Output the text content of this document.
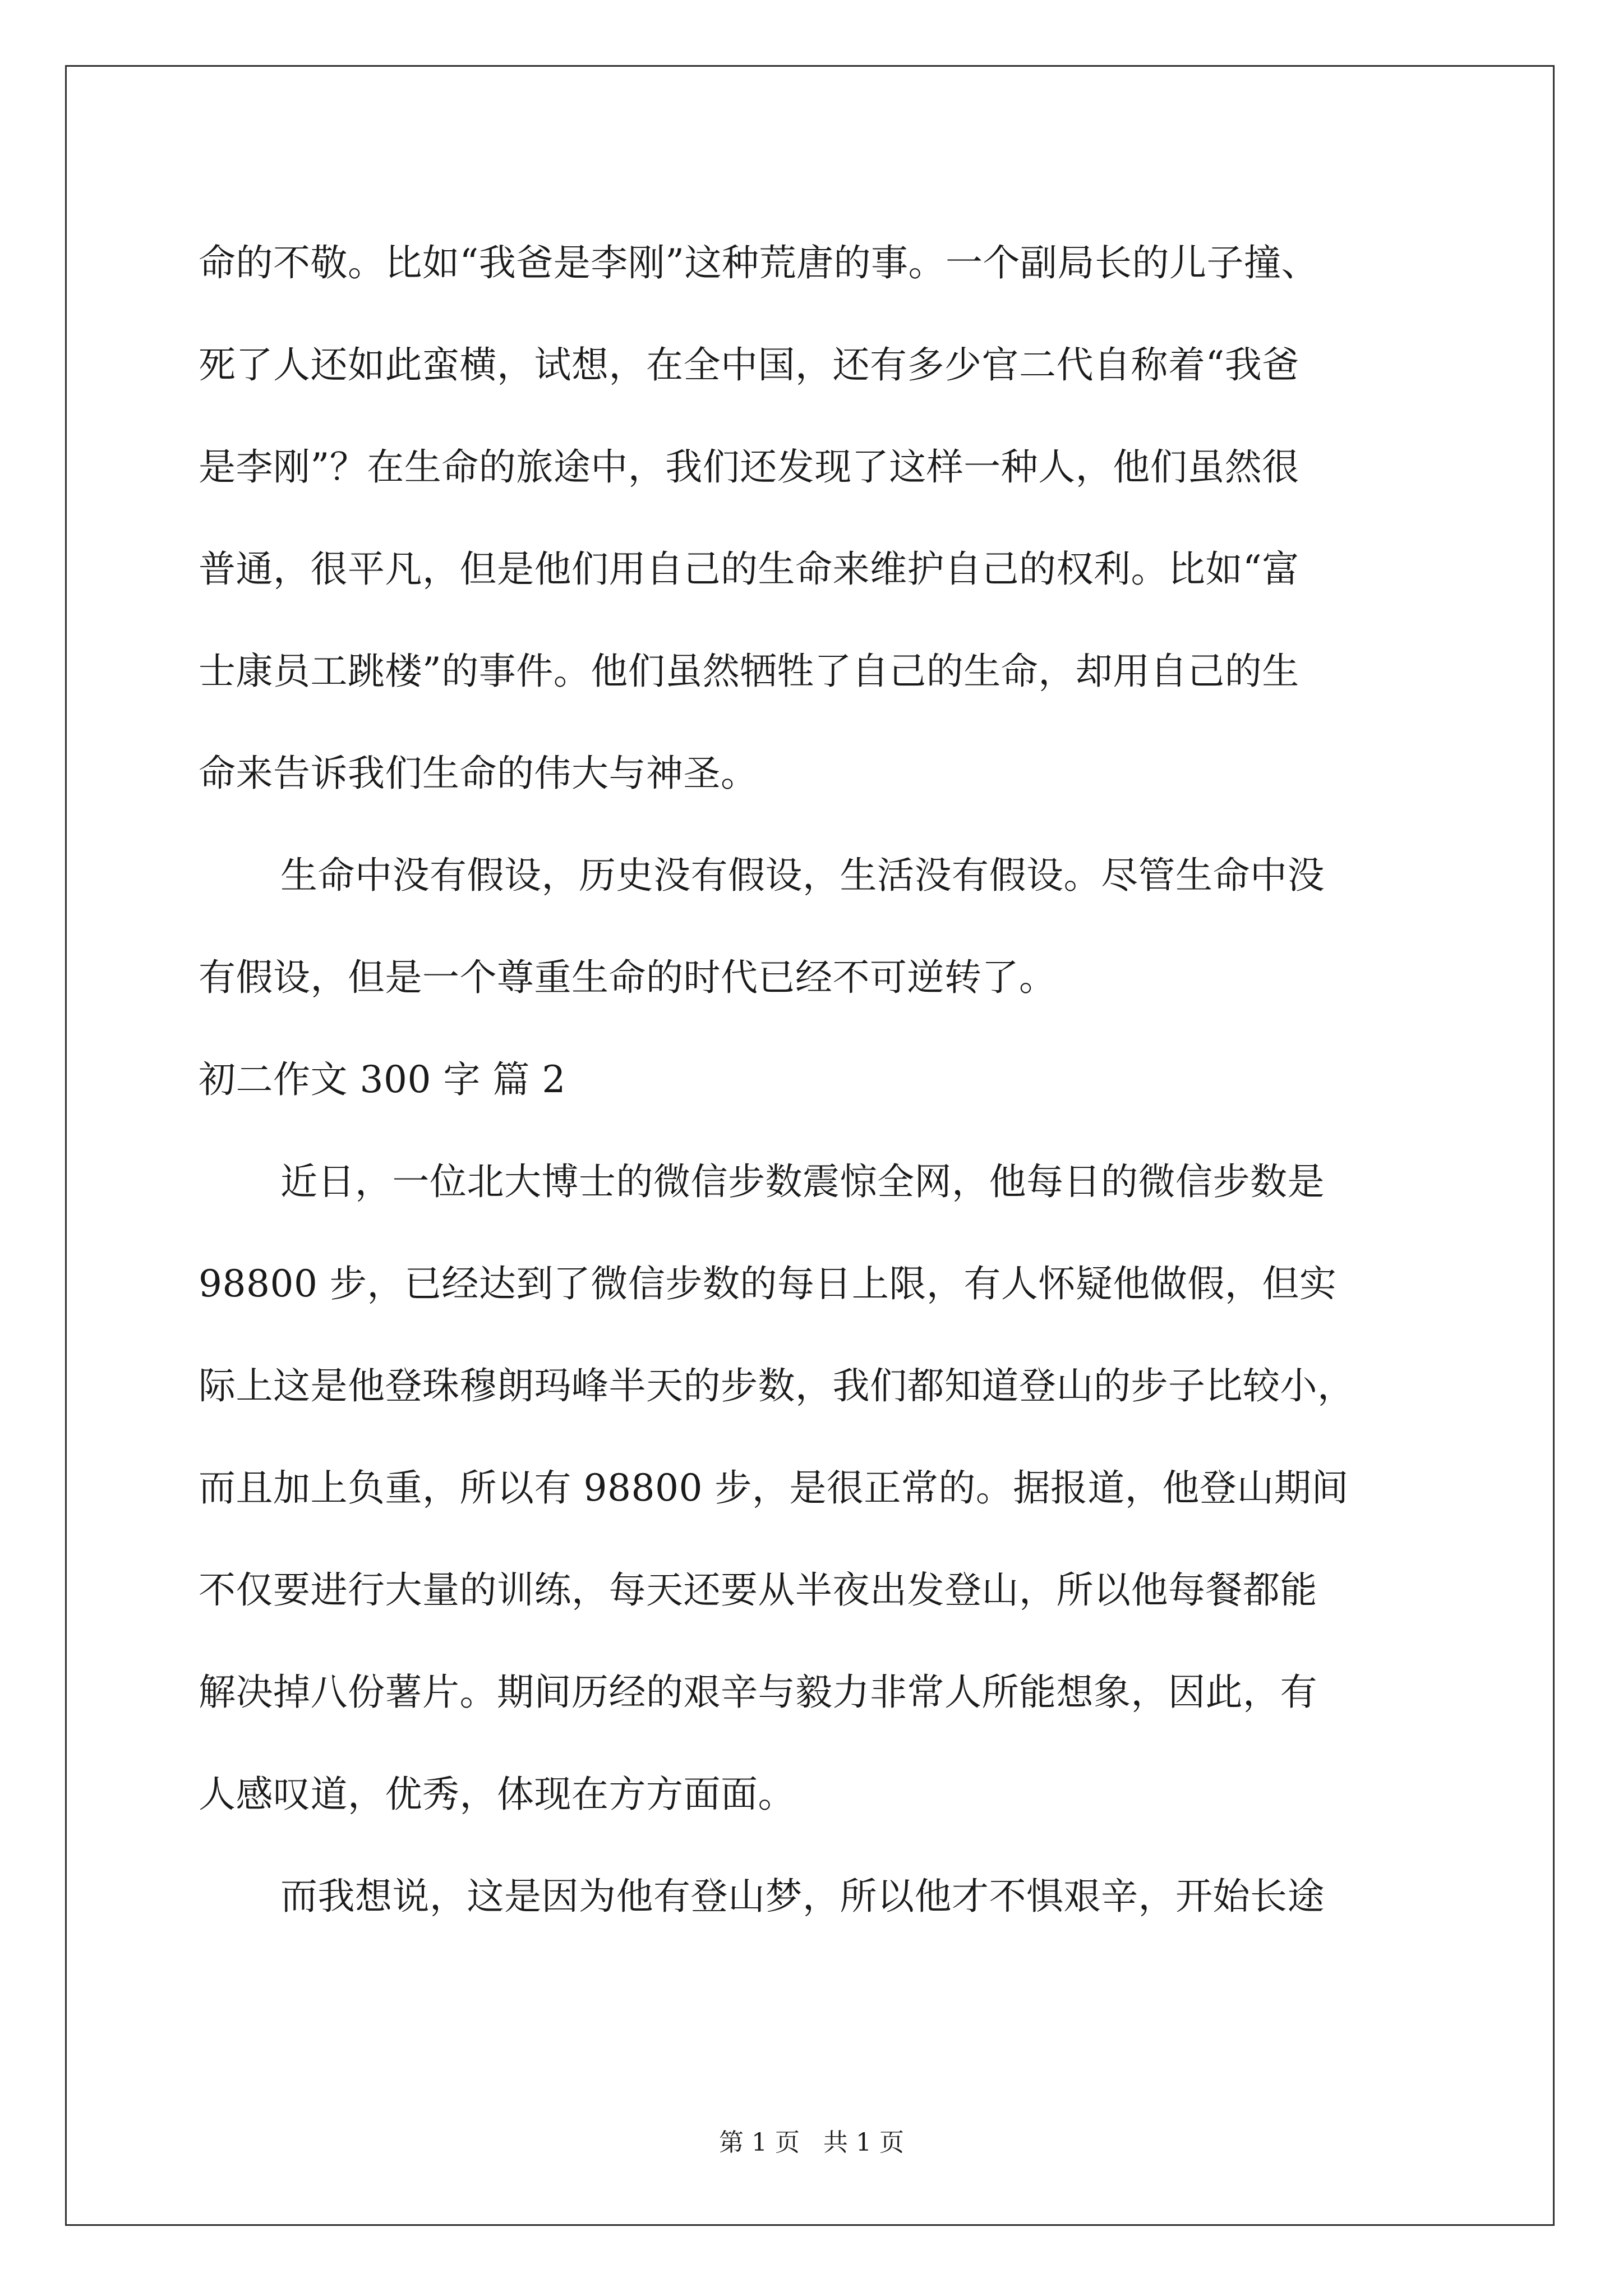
命的不敬。比如“我爸是李刚”这种荒唐的事。一个副局长的儿子撞、
死了人还如此蛮横，试想，在全中国，还有多少官二代自称着“我爸
是李刚”？在生命的旅途中，我们还发现了这样一种人，他们虽然很
普通，很平凡，但是他们用自己的生命来维护自己的权利。比如“富
士康员工跳楼”的事件。他们虽然牺牲了自己的生命，却用自己的生
命来告诉我们生命的伟大与神圣。
生命中没有假设，历史没有假设，生活没有假设。尽管生命中没
有假设，但是一个尊重生命的时代已经不可逆转了。
初二作文 300 字 篇 2
近日，一位北大博士的微信步数震惊全网，他每日的微信步数是
98800 步，已经达到了微信步数的每日上限，有人怀疑他做假，但实
际上这是他登珠穆朗玛峰半天的步数，我们都知道登山的步子比较小，
而且加上负重，所以有 98800 步，是很正常的。据报道，他登山期间
不仅要进行大量的训练，每天还要从半夜出发登山，所以他每餐都能
解决掉八份薯片。期间历经的艰辛与毅力非常人所能想象，因此，有
人感叹道，优秀，体现在方方面面。
而我想说，这是因为他有登山梦，所以他才不惧艰辛，开始长途
第 1 页   共 1 页
